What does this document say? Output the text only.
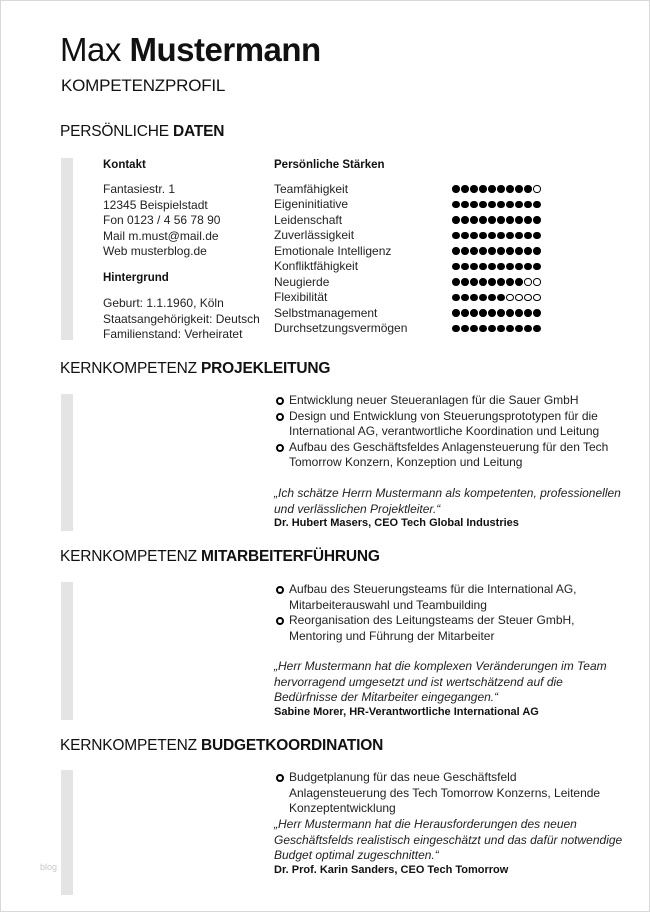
Max Mustermann
KOMPETENZPROFIL
PERSÖNLICHE DATEN
Kontakt
Fantasiestr. 1
12345 Beispielstadt
Fon 0123 / 4 56 78 90
Mail m.must@mail.de
Web musterblog.de
Hintergrund
Geburt: 1.1.1960, Köln
Staatsangehörigkeit: Deutsch
Familienstand: Verheiratet
Persönliche Stärken
Teamfähigkeit
Eigeninitiative
Leidenschaft
Zuverlässigkeit
Emotionale Intelligenz
Konfliktfähigkeit
Neugierde
Flexibilität
Selbstmanagement
Durchsetzungsvermögen
KERNKOMPETENZ PROJEKLEITUNG
Entwicklung neuer Steueranlagen für die Sauer GmbH
Design und Entwicklung von Steuerungsprototypen für die International AG, verantwortliche Koordination und Leitung
Aufbau des Geschäftsfeldes Anlagensteuerung für den Tech Tomorrow Konzern, Konzeption und Leitung
„Ich schätze Herrn Mustermann als kompetenten, professionellen und verlässlichen Projektleiter.“
Dr. Hubert Masers, CEO Tech Global Industries
KERNKOMPETENZ MITARBEITERFÜHRUNG
Aufbau des Steuerungsteams für die International AG, Mitarbeiterauswahl und Teambuilding
Reorganisation des Leitungsteams der Steuer GmbH, Mentoring und Führung der Mitarbeiter
„Herr Mustermann hat die komplexen Veränderungen im Team hervorragend umgesetzt und ist wertschätzend auf die Bedürfnisse der Mitarbeiter eingegangen.“
Sabine Morer, HR-Verantwortliche International AG
KERNKOMPETENZ BUDGETKOORDINATION
Budgetplanung für das neue Geschäftsfeld Anlagensteuerung des Tech Tomorrow Konzerns, Leitende Konzeptentwicklung
„Herr Mustermann hat die Herausforderungen des neuen Geschäftsfelds realistisch eingeschätzt und das dafür notwendige Budget optimal zugeschnitten.“
Dr. Prof. Karin Sanders, CEO Tech Tomorrow
blog
